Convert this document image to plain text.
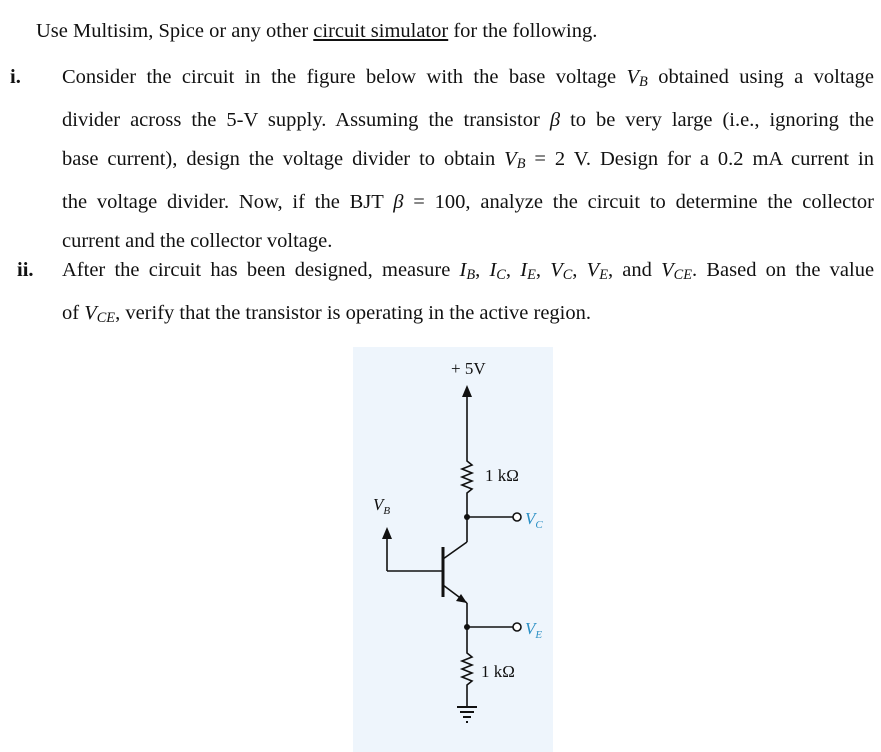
Use Multisim, Spice or any other circuit simulator for the following.
i. Consider the circuit in the figure below with the base voltage $V_B$ obtained using a voltage
divider across the 5-V supply. Assuming the transistor β to be very large (i.e., ignoring the
base current), design the voltage divider to obtain $V_B = 2$ V. Design for a 0.2 mA current in
the voltage divider. Now, if the BJT β = 100, analyze the circuit to determine the collector
current and the collector voltage.
ii. After the circuit has been designed, measure $I_B$, $I_C$, $I_E$, $V_C$, $V_E$, and $V_{CE}$. Based on the value
of $V_{CE}$, verify that the transistor is operating in the active region.
+ 5V
1 kΩ
1 kΩ
$V_B$	$V_C$
$V_E$
